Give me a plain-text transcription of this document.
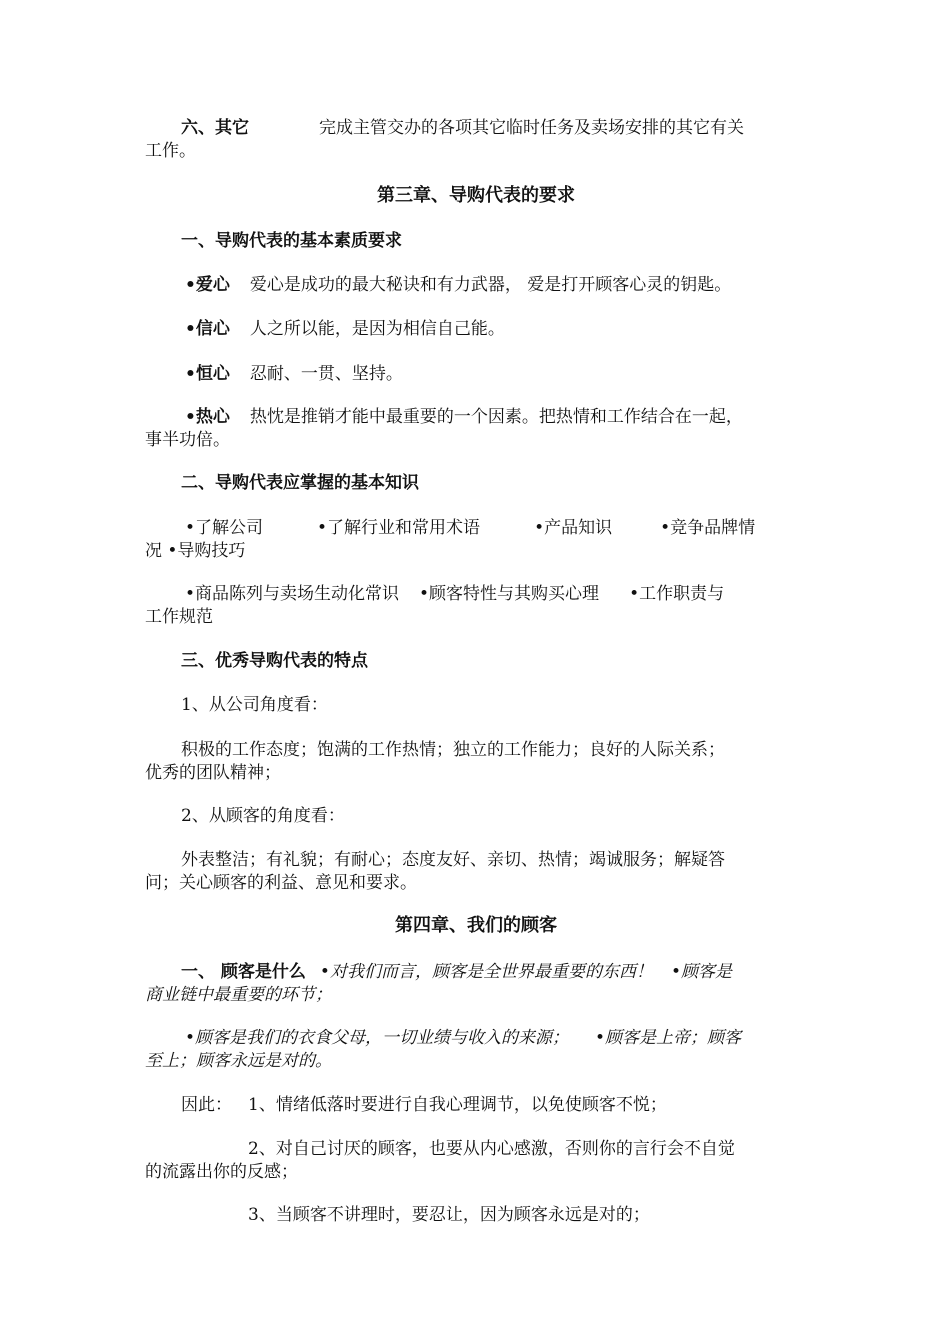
六、其它	完成主管交办的各项其它临时任务及卖场安排的其它有关

工作。

第三章、导购代表的要求
一、导购代表的基本素质要求

•爱心 爱心是成功的最大秘诀和有力武器， 爱是打开顾客心灵的钥匙。

•信心 人之所以能，是因为相信自己能。

•恒心 忍耐、一贯、坚持。

•热心 热忱是推销才能中最重要的一个因素。把热情和工作结合在一起，

事半功倍。

二、导购代表应掌握的基本知识

•了解公司	•了解行业和常用术语	•产品知识	•竞争品牌情

况 •导购技巧

•商品陈列与卖场生动化常识 •顾客特性与其购买心理 •工作职责与

工作规范

三、优秀导购代表的特点

1、从公司角度看：

积极的工作态度；饱满的工作热情；独立的工作能力；良好的人际关系；

优秀的团队精神；

2、从顾客的角度看：

外表整洁；有礼貌；有耐心；态度友好、亲切、热情；竭诚服务；解疑答

问；关心顾客的利益、意见和要求。

第四章、我们的顾客

一、 顾客是什么 •对我们而言，顾客是全世界最重要的东西！ •顾客是

商业链中最重要的环节；

•顾客是我们的衣食父母，一切业绩与收入的来源； •顾客是上帝；顾客

至上；顾客永远是对的。

因此： 1、情绪低落时要进行自我心理调节，以免使顾客不悦；

2、对自己讨厌的顾客，也要从内心感激，否则你的言行会不自觉

的流露出你的反感；

3、当顾客不讲理时，要忍让，因为顾客永远是对的；
